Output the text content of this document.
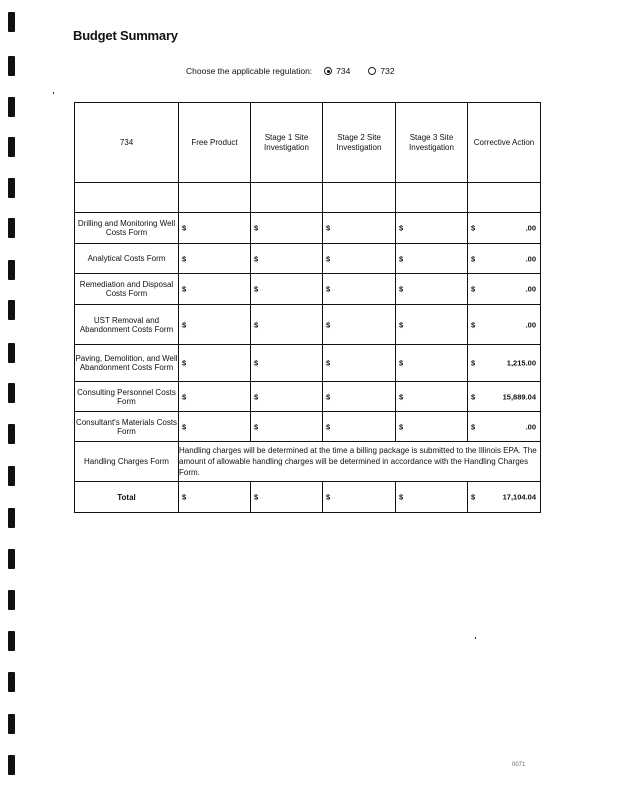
Budget Summary
Choose the applicable regulation:	734	732
734	Free Product	Stage 1 Site Investigation	Stage 2 Site Investigation	Stage 3 Site Investigation	Corrective Action

Drilling and Monitoring Well Costs Form	$	$	$	$	$ .00

Analytical Costs Form	$	$	$	$	$ .00

Remediation and Disposal Costs Form	$	$	$	$	$ .00

UST Removal and Abandonment Costs Form	$	$	$	$	$ .00

Paving, Demolition, and Well Abandonment Costs Form	$	$	$	$	$ 1,215.00

Consulting Personnel Costs Form	$	$	$	$	$ 15,889.04

Consultant's Materials Costs Form	$	$	$	$	$ .00

Handling Charges Form	Handling charges will be determined at the time a billing package is submitted to the Illinois EPA. The amount of allowable handling charges will be determined in accordance with the Handling Charges Form.				
Total	$	$	$	$	$ 17,104.04
0071
